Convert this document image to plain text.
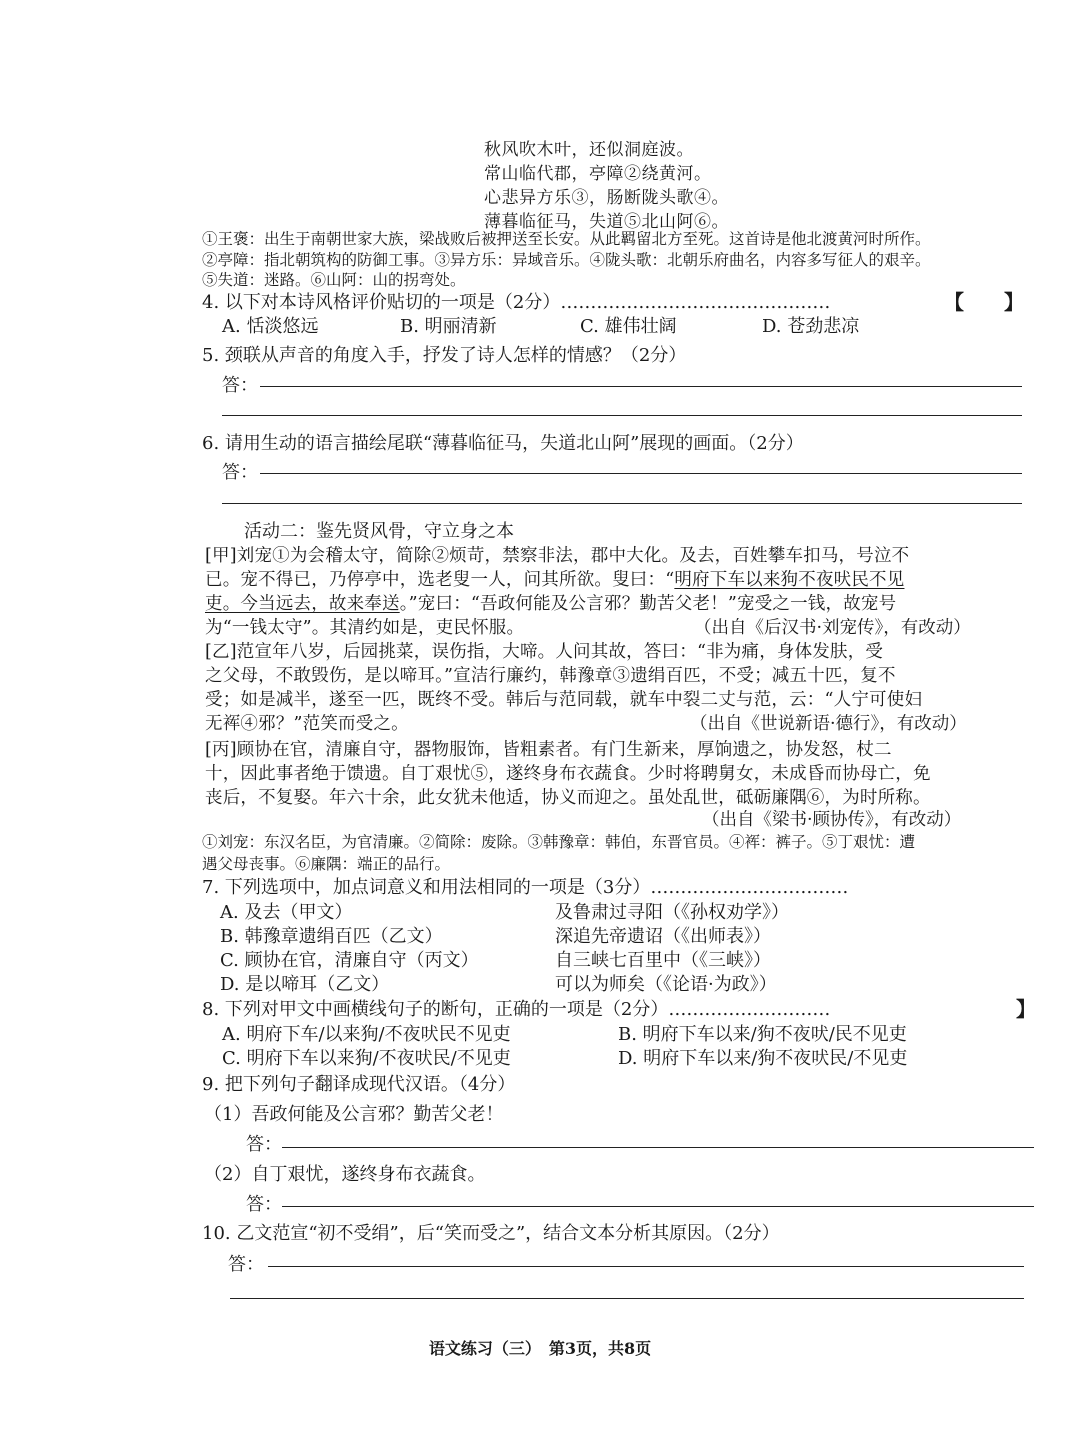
秋风吹木叶，还似洞庭波。
常山临代郡，亭障②绕黄河。
心悲异方乐③，肠断陇头歌④。
薄暮临征马，失道⑤北山阿⑥。
①王褒：出生于南朝世家大族，梁战败后被押送至长安。从此羁留北方至死。这首诗是他北渡黄河时所作。
②亭障：指北朝筑构的防御工事。③异方乐：异域音乐。④陇头歌：北朝乐府曲名，内容多写征人的艰辛。
⑤失道：迷路。⑥山阿：山的拐弯处。
4. 以下对本诗风格评价贴切的一项是（2分）………………………………………	【　　】
A. 恬淡悠远	B. 明丽清新	C. 雄伟壮阔	D. 苍劲悲凉
5. 颈联从声音的角度入手，抒发了诗人怎样的情感？（2分）
答：
6. 请用生动的语言描绘尾联“薄暮临征马，失道北山阿”展现的画面。（2分）
答：
活动二：鉴先贤风骨，守立身之本
[甲]刘宠①为会稽太守，简除②烦苛，禁察非法，郡中大化。及去，百姓攀车扣马，号泣不
已。宠不得已，乃停亭中，选老叟一人，问其所欲。叟曰：“明府下车以来狗不夜吠民不见
吏。今当远去，故来奉送。”宠曰：“吾政何能及公言邪？勤苦父老！”宠受之一钱，故宠号
为“一钱太守”。其清约如是，吏民怀服。	（出自《后汉书·刘宠传》，有改动）
[乙]范宣年八岁，后园挑菜，误伤指，大啼。人问其故，答曰：“非为痛，身体发肤，受
之父母，不敢毁伤，是以啼耳。”宣洁行廉约，韩豫章③遗绢百匹，不受；减五十匹，复不
受；如是减半，遂至一匹，既终不受。韩后与范同载，就车中裂二丈与范，云：“人宁可使妇
无裈④邪？”范笑而受之。	（出自《世说新语·德行》，有改动）
[丙]顾协在官，清廉自守，器物服饰，皆粗素者。有门生新来，厚饷遗之，协发怒，杖二
十，因此事者绝于馈遗。自丁艰忧⑤，遂终身布衣蔬食。少时将聘舅女，未成昏而协母亡，免
丧后，不复娶。年六十余，此女犹未他适，协义而迎之。虽处乱世，砥砺廉隅⑥，为时所称。
（出自《梁书·顾协传》，有改动）
①刘宠：东汉名臣，为官清廉。②简除：废除。③韩豫章：韩伯，东晋官员。④裈：裤子。⑤丁艰忧：遭
遇父母丧事。⑥廉隅：端正的品行。
7. 下列选项中，加点词意义和用法相同的一项是（3分）……………………………
A. 及去（甲文）	及鲁肃过寻阳（《孙权劝学》）
B. 韩豫章遗绢百匹（乙文）	深追先帝遗诏（《出师表》）
C. 顾协在官，清廉自守（丙文）	自三峡七百里中（《三峡》）
D. 是以啼耳（乙文）	可以为师矣（《论语·为政》）
8. 下列对甲文中画横线句子的断句，正确的一项是（2分）………………………	】
A. 明府下车/以来狗/不夜吠民不见吏	B. 明府下车以来/狗不夜吠/民不见吏
C. 明府下车以来狗/不夜吠民/不见吏	D. 明府下车以来/狗不夜吠民/不见吏
9. 把下列句子翻译成现代汉语。（4分）
（1）吾政何能及公言邪？勤苦父老！
答：
（2）自丁艰忧，遂终身布衣蔬食。
答：
10. 乙文范宣“初不受绢”，后“笑而受之”，结合文本分析其原因。（2分）
答：
语文练习（三）　第3页，共8页
